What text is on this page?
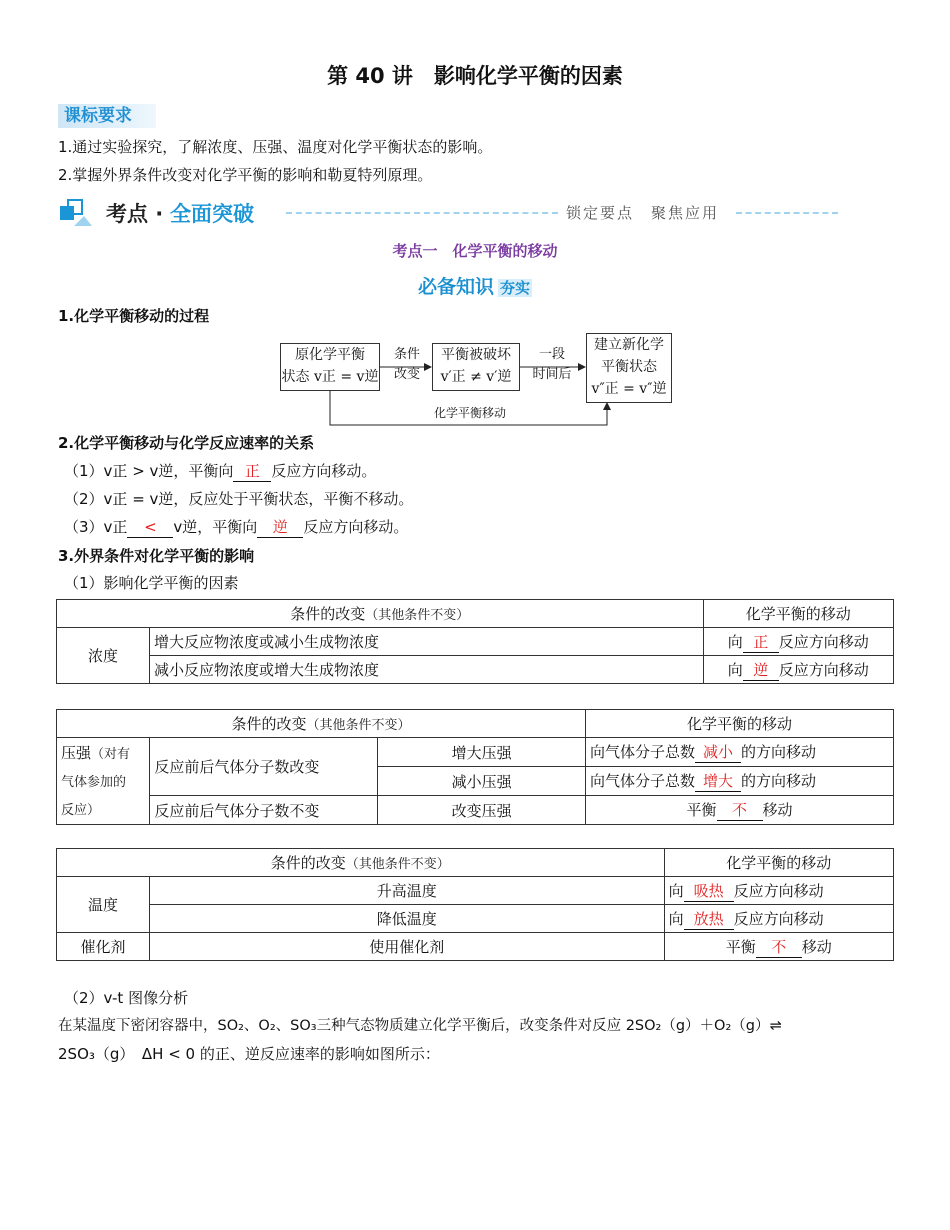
第 40 讲　影响化学平衡的因素
课标要求
1.通过实验探究，了解浓度、压强、温度对化学平衡状态的影响。
2.掌握外界条件改变对化学平衡的影响和勒夏特列原理。
考点 · 全面突破	锁定要点　聚焦应用
考点一　化学平衡的移动
必备知识 夯实
1.化学平衡移动的过程
原化学平衡
状态 v正 = v逆
条件
改变
平衡被破坏
v′正 ≠ v′逆
一段
时间后
建立新化学
平衡状态
v″正 = v″逆
化学平衡移动
2.化学平衡移动与化学反应速率的关系
（1）v正 > v逆，平衡向 正 反应方向移动。
（2）v正 = v逆，反应处于平衡状态，平衡不移动。
（3）v正 < v逆，平衡向 逆 反应方向移动。
3.外界条件对化学平衡的影响
（1）影响化学平衡的因素
条件的改变（其他条件不变）		化学平衡的移动
浓度	增大反应物浓度或减小生成物浓度	向 正 反应方向移动
	减小反应物浓度或增大生成物浓度	向 逆 反应方向移动
条件的改变（其他条件不变）			化学平衡的移动
压强（对有
气体参加的
反应）	反应前后气体分子数改变	增大压强	向气体分子总数 减小 的方向移动
		减小压强	向气体分子总数 增大 的方向移动
	反应前后气体分子数不变	改变压强	平衡 不 移动
条件的改变（其他条件不变）		化学平衡的移动
温度	升高温度	向 吸热 反应方向移动
	降低温度	向 放热 反应方向移动
催化剂	使用催化剂	平衡 不 移动
（2）v-t 图像分析
在某温度下密闭容器中，SO₂、O₂、SO₃三种气态物质建立化学平衡后，改变条件对反应 2SO₂（g）＋O₂（g）⇌
2SO₃（g）　ΔH < 0 的正、逆反应速率的影响如图所示：
